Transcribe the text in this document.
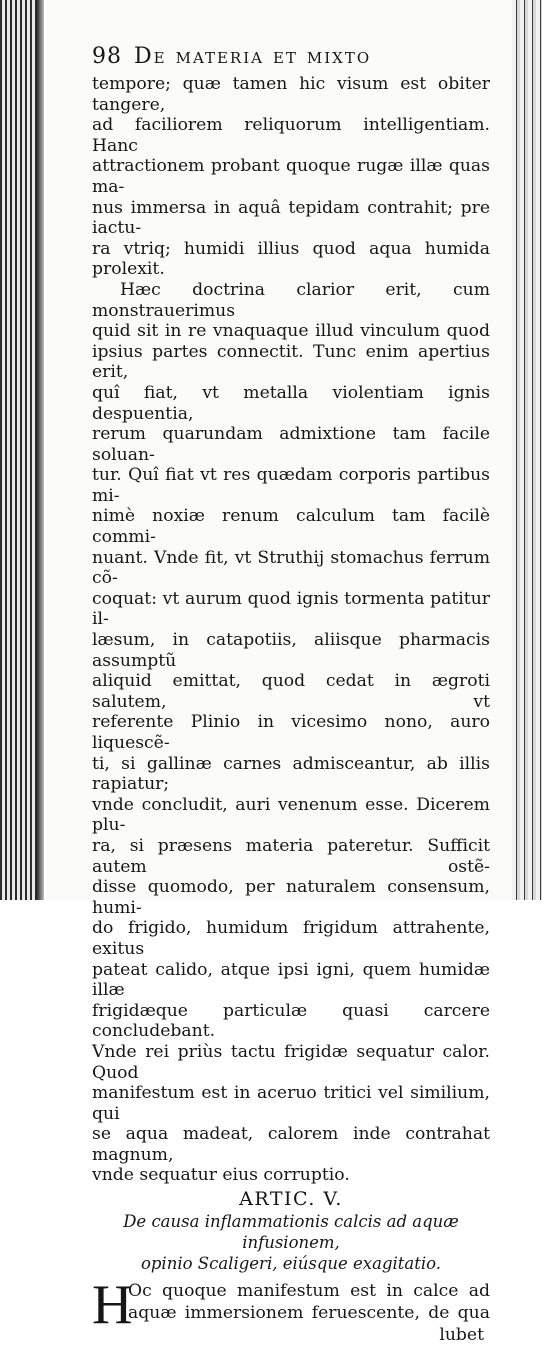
98 De materia et mixto

tempore; quæ tamen hic visum est obiter tangere,

ad faciliorem reliquorum intelligentiam. Hanc

attractionem probant quoque rugæ illæ quas ma-

nus immersa in aquâ tepidam contrahit; pre iactu-

ra vtriq; humidi illius quod aqua humida prolexit.

Hæc doctrina clarior erit, cum monstrauerimus

quid sit in re vnaquaque illud vinculum quod

ipsius partes connectit. Tunc enim apertius erit,

quî fiat, vt metalla violentiam ignis despuentia,

rerum quarundam admixtione tam facile soluan-

tur. Quî fiat vt res quædam corporis partibus mi-

nimè noxiæ renum calculum tam facilè commi-

nuant. Vnde fit, vt Struthij stomachus ferrum cõ-

coquat: vt aurum quod ignis tormenta patitur il-

læsum, in catapotiis, aliisque pharmacis assumptũ

aliquid emittat, quod cedat in ægroti salutem, vt

referente Plinio in vicesimo nono, auro liquescẽ-

ti, si gallinæ carnes admisceantur, ab illis rapiatur;

vnde concludit, auri venenum esse. Dicerem plu-

ra, si præsens materia pateretur. Sufficit autem ostẽ-

disse quomodo, per naturalem consensum, humi-

do frigido, humidum frigidum attrahente, exitus

pateat calido, atque ipsi igni, quem humidæ illæ

frigidæque particulæ quasi carcere concludebant.

Vnde rei priùs tactu frigidæ sequatur calor. Quod

manifestum est in aceruo tritici vel similium, qui

se aqua madeat, calorem inde contrahat magnum,

vnde sequatur eius corruptio.

ARTIC. V.
De causa inflammationis calcis ad aquæ infusionem,
opinio Scaligeri, eiúsque exagitatio.
H

Oc quoque manifestum est in calce ad

aquæ immersionem feruescente, de qua

lubet
